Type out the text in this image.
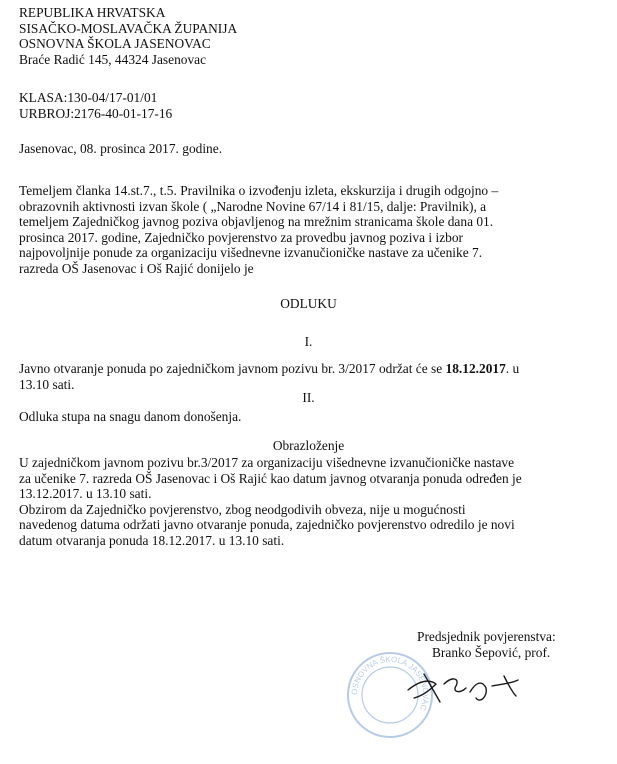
REPUBLIKA HRVATSKA
SISAČKO-MOSLAVAČKA ŽUPANIJA
OSNOVNA ŠKOLA JASENOVAC
Braće Radić 145, 44324 Jasenovac
KLASA:130-04/17-01/01
URBROJ:2176-40-01-17-16
Jasenovac, 08. prosinca 2017. godine.
Temeljem članka 14.st.7., t.5. Pravilnika o izvođenju izleta, ekskurzija i drugih odgojno –
obrazovnih aktivnosti izvan škole ( „Narodne Novine 67/14 i 81/15, dalje: Pravilnik), a
temeljem Zajedničkog javnog poziva objavljenog na mrežnim stranicama škole dana 01.
prosinca 2017. godine, Zajedničko povjerenstvo za provedbu javnog poziva i izbor
najpovoljnije ponude za organizaciju višednevne izvanučioničke nastave za učenike 7.
razreda OŠ Jasenovac i Oš Rajić donijelo je
ODLUKU
I.
Javno otvaranje ponuda po zajedničkom javnom pozivu br. 3/2017 održat će se 18.12.2017. u
13.10 sati.
II.
Odluka stupa na snagu danom donošenja.
Obrazloženje
U zajedničkom javnom pozivu br.3/2017 za organizaciju višednevne izvanučioničke nastave
za učenike 7. razreda OŠ Jasenovac i Oš Rajić kao datum javnog otvaranja ponuda određen je
13.12.2017. u 13.10 sati.
Obzirom da Zajedničko povjerenstvo, zbog neodgodivih obveza, nije u mogućnosti
navedenog datuma održati javno otvaranje ponuda, zajedničko povjerenstvo odredilo je novi
datum otvaranja ponuda 18.12.2017. u 13.10 sati.
Predsjednik povjerenstva:
Branko Šepović, prof.
OSNOVNA ŠKOLA JASENOVAC
